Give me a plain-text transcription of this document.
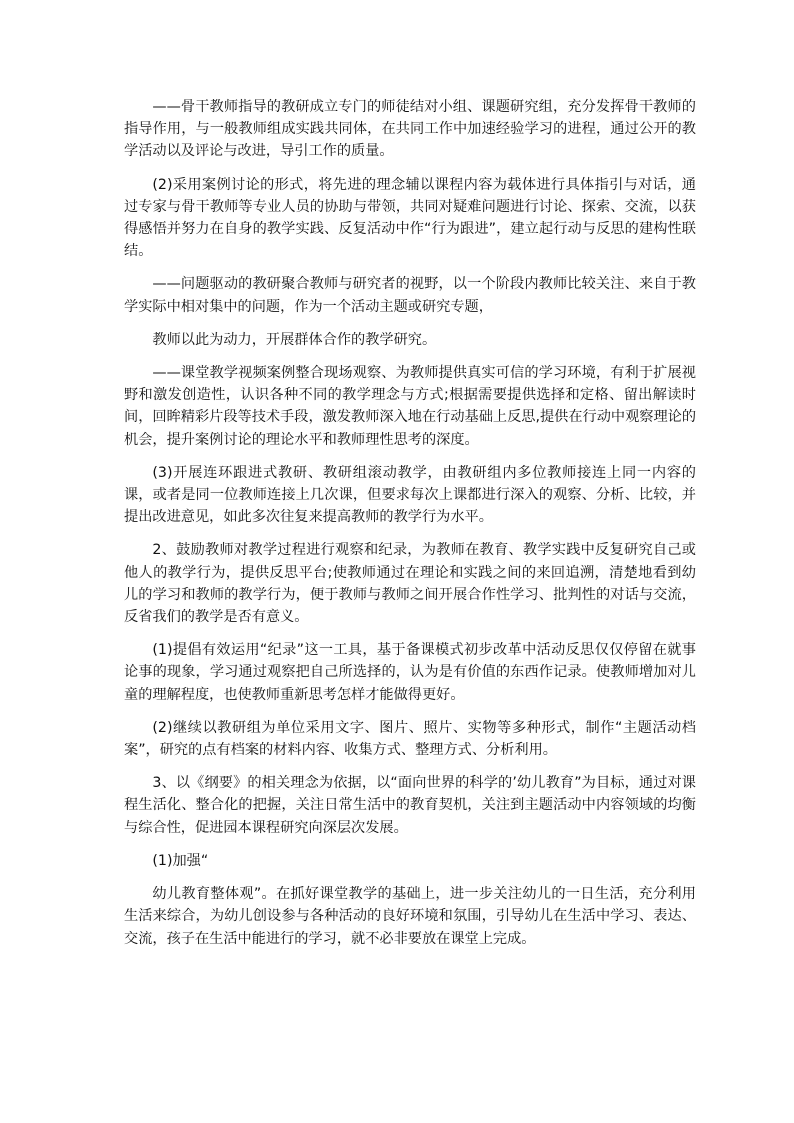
——骨干教师指导的教研成立专门的师徒结对小组、课题研究组，充分发挥骨干教师的指导作用，与一般教师组成实践共同体，在共同工作中加速经验学习的进程，通过公开的教学活动以及评论与改进，导引工作的质量。

(2)采用案例讨论的形式，将先进的理念辅以课程内容为载体进行具体指引与对话，通过专家与骨干教师等专业人员的协助与带领，共同对疑难问题进行讨论、探索、交流，以获得感悟并努力在自身的教学实践、反复活动中作“行为跟进”，建立起行动与反思的建构性联结。

——问题驱动的教研聚合教师与研究者的视野，以一个阶段内教师比较关注、来自于教学实际中相对集中的问题，作为一个活动主题或研究专题，

教师以此为动力，开展群体合作的教学研究。

——课堂教学视频案例整合现场观察、为教师提供真实可信的学习环境，有利于扩展视野和激发创造性，认识各种不同的教学理念与方式;根据需要提供选择和定格、留出解读时间，回眸精彩片段等技术手段，激发教师深入地在行动基础上反思,提供在行动中观察理论的机会，提升案例讨论的理论水平和教师理性思考的深度。

(3)开展连环跟进式教研、教研组滚动教学，由教研组内多位教师接连上同一内容的课，或者是同一位教师连接上几次课，但要求每次上课都进行深入的观察、分析、比较，并提出改进意见，如此多次往复来提高教师的教学行为水平。

2、鼓励教师对教学过程进行观察和纪录，为教师在教育、教学实践中反复研究自己或他人的教学行为，提供反思平台;使教师通过在理论和实践之间的来回追溯，清楚地看到幼儿的学习和教师的教学行为，便于教师与教师之间开展合作性学习、批判性的对话与交流，反省我们的教学是否有意义。

(1)提倡有效运用“纪录”这一工具，基于备课模式初步改革中活动反思仅仅停留在就事论事的现象，学习通过观察把自己所选择的，认为是有价值的东西作记录。使教师增加对儿童的理解程度，也使教师重新思考怎样才能做得更好。

(2)继续以教研组为单位采用文字、图片、照片、实物等多种形式，制作“主题活动档案”，研究的点有档案的材料内容、收集方式、整理方式、分析利用。

3、以《纲要》的相关理念为依据，以“面向世界的科学的’幼儿教育”为目标，通过对课程生活化、整合化的把握，关注日常生活中的教育契机，关注到主题活动中内容领域的均衡与综合性，促进园本课程研究向深层次发展。

(1)加强“

幼儿教育整体观”。在抓好课堂教学的基础上，进一步关注幼儿的一日生活，充分利用生活来综合，为幼儿创设参与各种活动的良好环境和氛围，引导幼儿在生活中学习、表达、交流，孩子在生活中能进行的学习，就不必非要放在课堂上完成。
